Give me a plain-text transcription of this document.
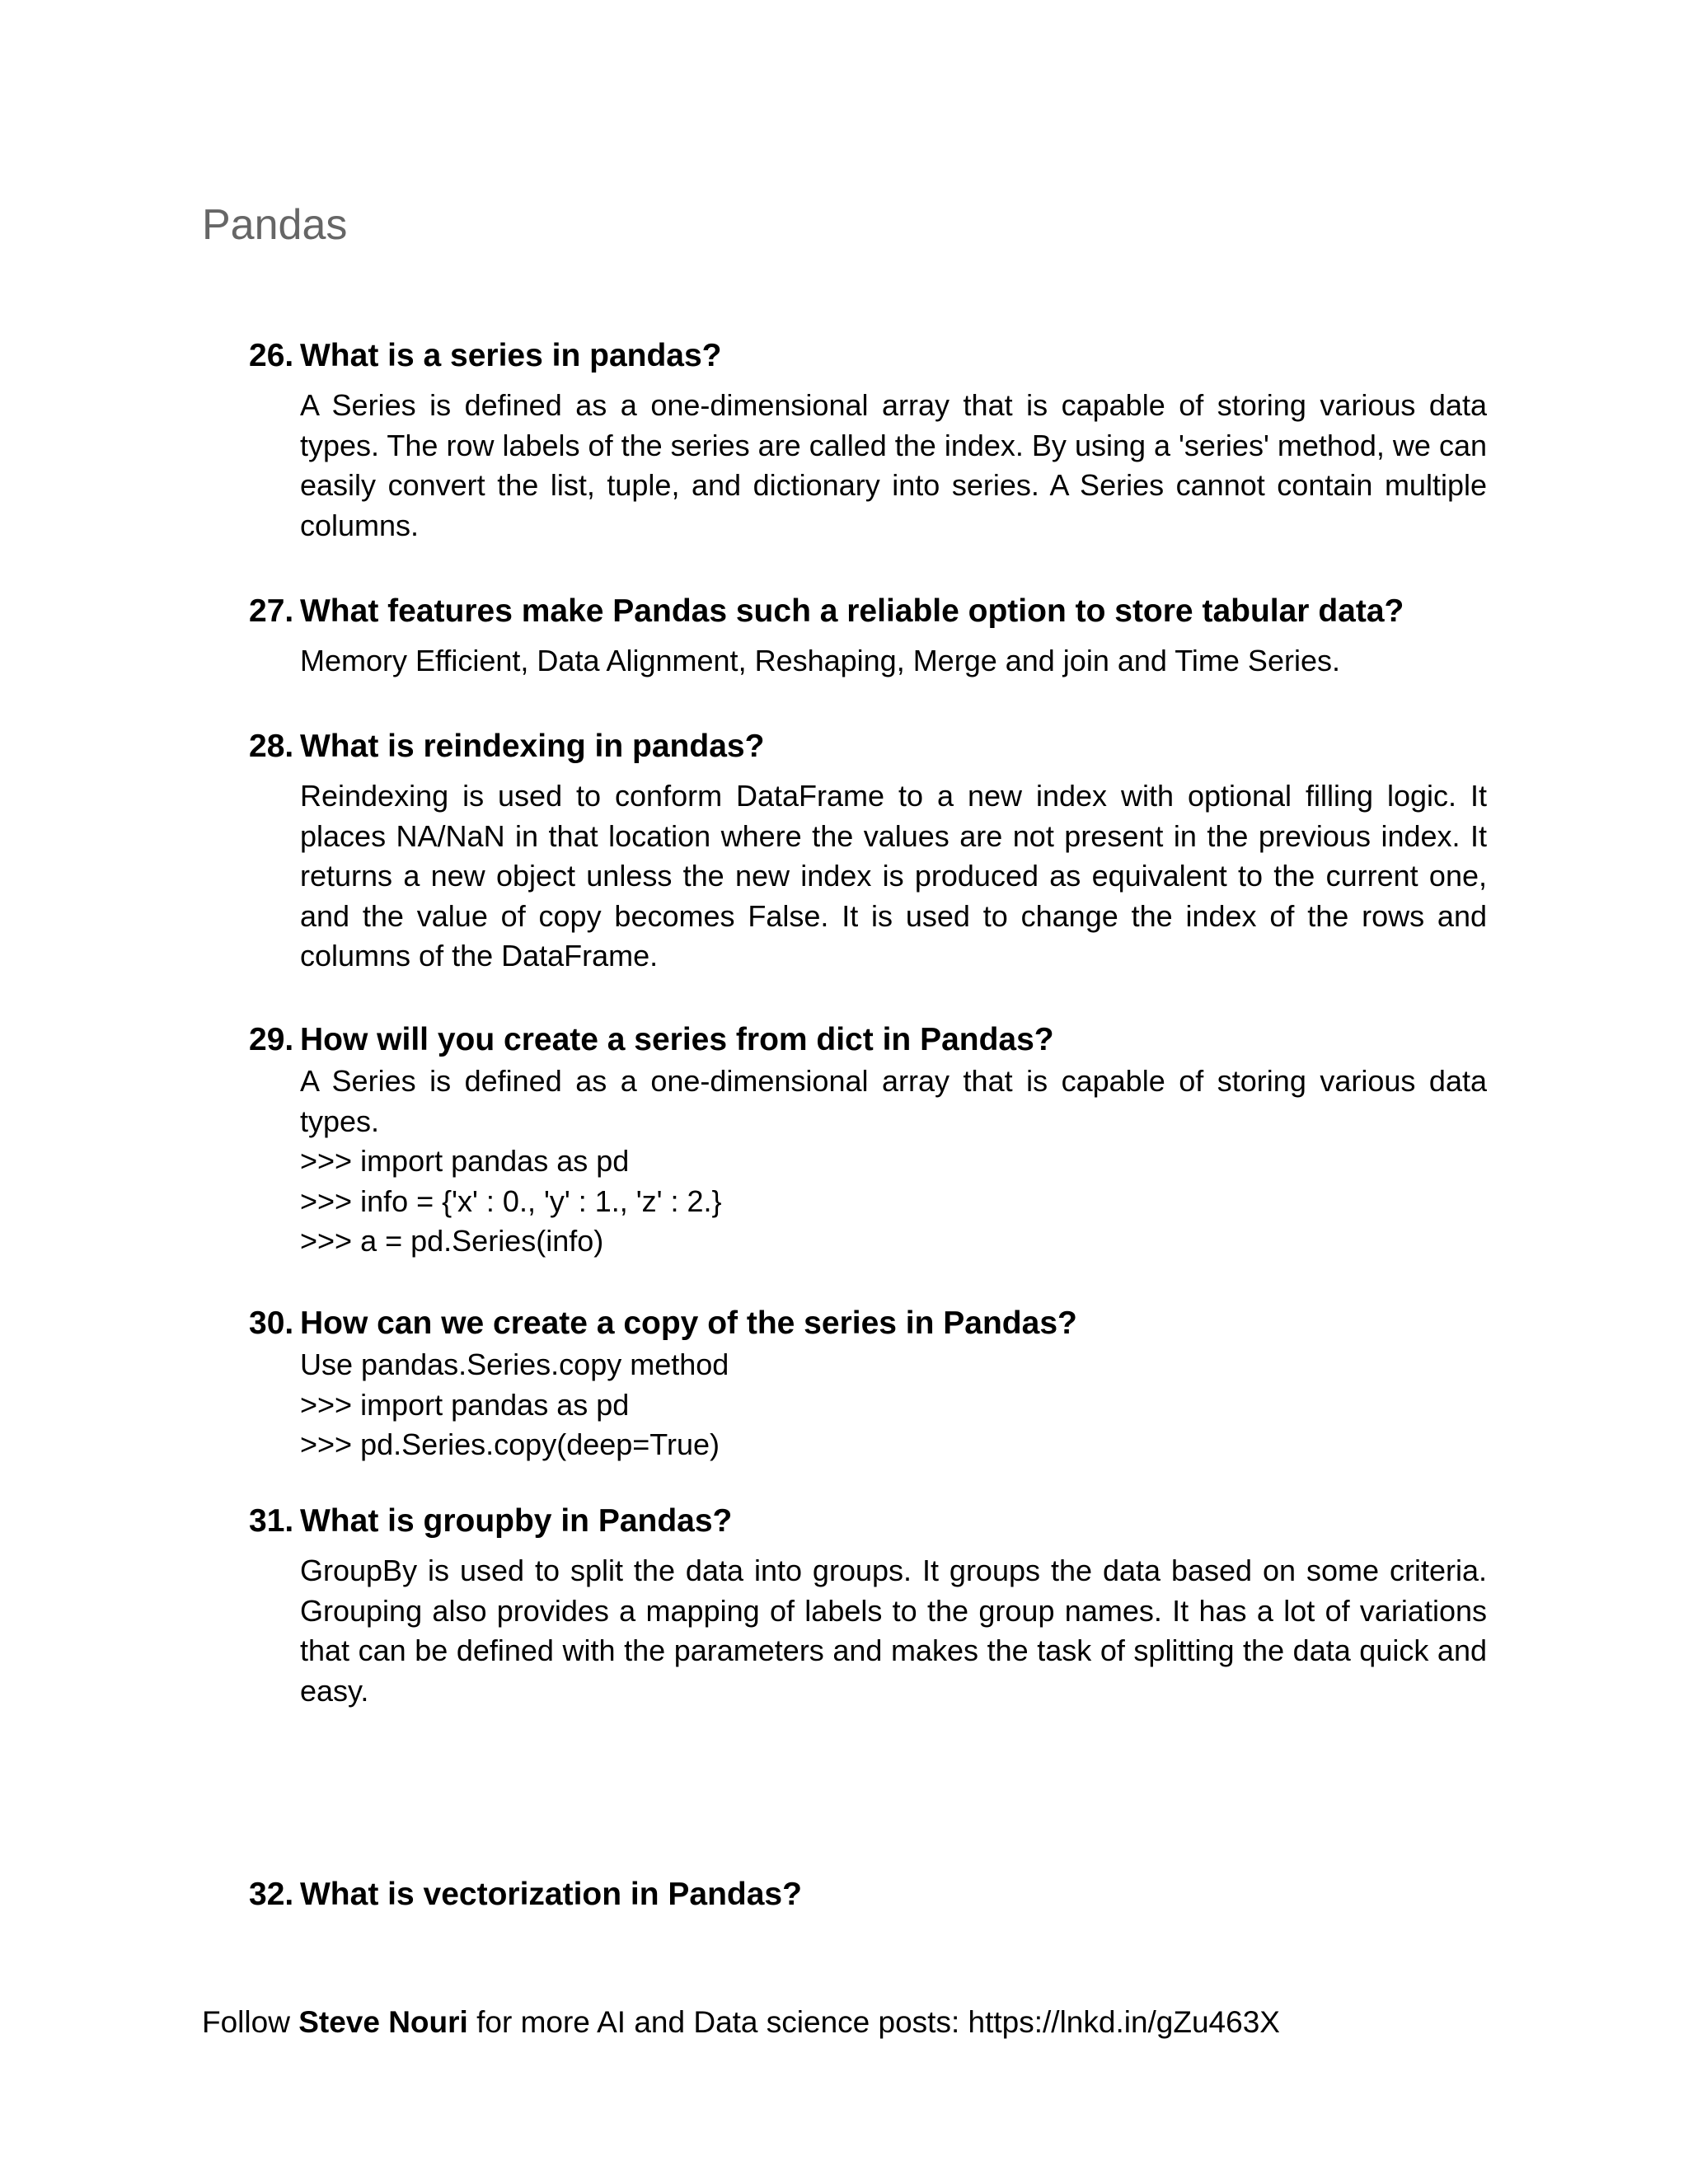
Pandas
26. What is a series in pandas?

A Series is defined as a one-dimensional array that is capable of storing various data types. The row labels of the series are called the index. By using a 'series' method, we can easily convert the list, tuple, and dictionary into series. A Series cannot contain multiple columns.

27. What features make Pandas such a reliable option to store tabular data?

Memory Efficient, Data Alignment, Reshaping, Merge and join and Time Series.

28. What is reindexing in pandas?

Reindexing is used to conform DataFrame to a new index with optional filling logic. It places NA/NaN in that location where the values are not present in the previous index. It returns a new object unless the new index is produced as equivalent to the current one, and the value of copy becomes False. It is used to change the index of the rows and columns of the DataFrame.

29. How will you create a series from dict in Pandas?

A Series is defined as a one-dimensional array that is capable of storing various data types.

>>> import pandas as pd

>>> info = {'x' : 0., 'y' : 1., 'z' : 2.}

>>> a = pd.Series(info)

30. How can we create a copy of the series in Pandas?

Use pandas.Series.copy method

>>> import pandas as pd

>>> pd.Series.copy(deep=True)

31. What is groupby in Pandas?

GroupBy is used to split the data into groups. It groups the data based on some criteria. Grouping also provides a mapping of labels to the group names. It has a lot of variations that can be defined with the parameters and makes the task of splitting the data quick and easy.

32. What is vectorization in Pandas?
Follow Steve Nouri for more AI and Data science posts: https://lnkd.in/gZu463X
